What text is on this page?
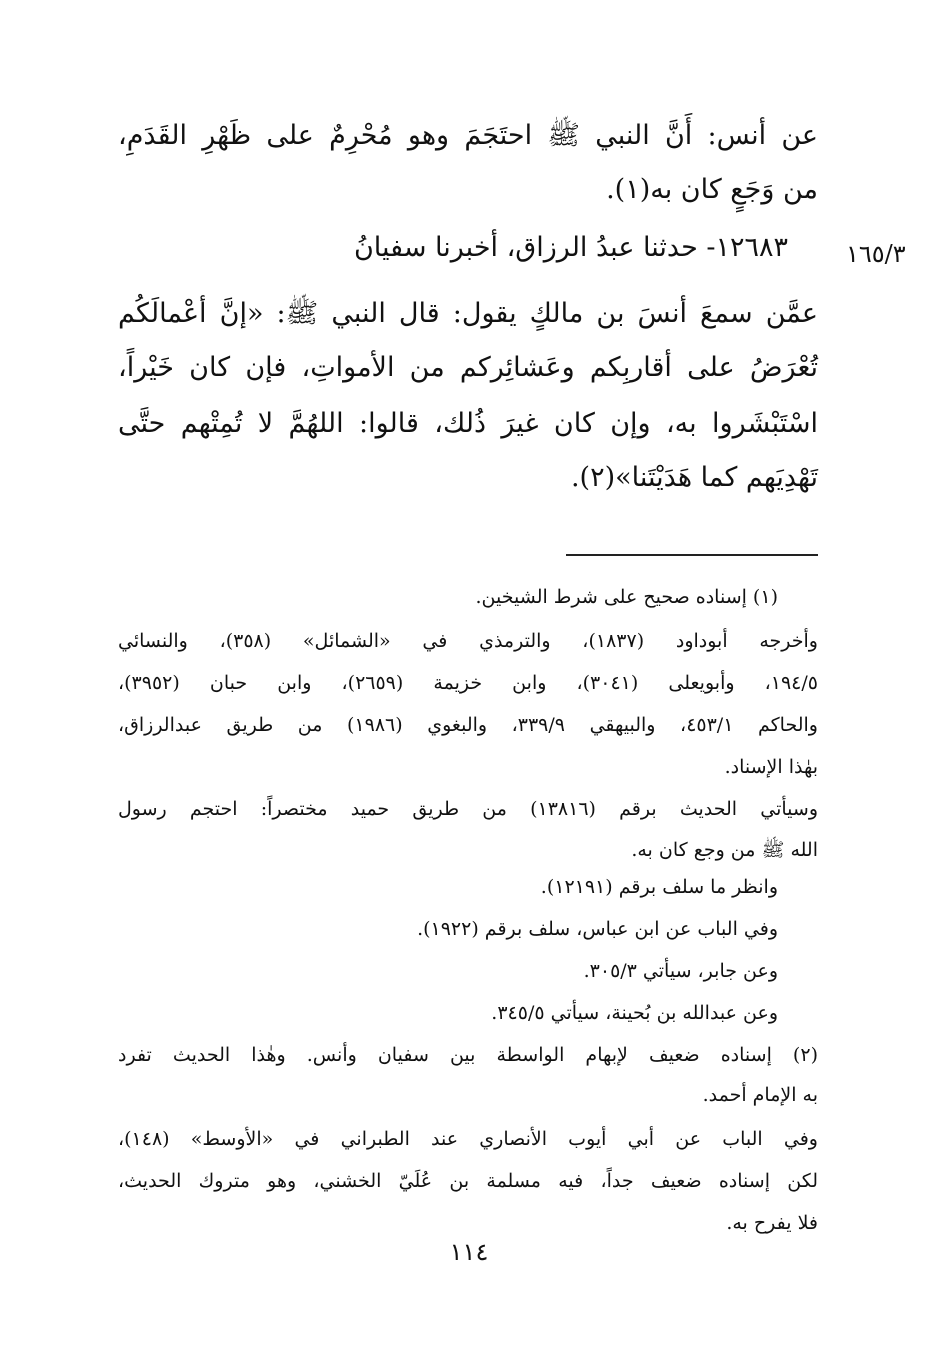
عن أنس: أَنَّ النبي ﷺ احتَجَمَ وهو مُحْرِمٌ على ظَهْرِ القَدَمِ،
من وَجَعٍ كان به(١).
١٦٥/٣
١٢٦٨٣- حدثنا عبدُ الرزاق، أخبرنا سفيانُ
عمَّن سمعَ أنسَ بن مالكٍ يقول: قال النبي ﷺ: «إنَّ أعْمالَكُم
تُعْرَضُ على أقاربِكم وعَشائِركم من الأمواتِ، فإن كان خَيْراً،
اسْتَبْشَروا به، وإن كان غيرَ ذُلك، قالوا: اللهُمَّ لا تُمِتْهم حتَّى
تَهْدِيَهم كما هَدَيْتَنا»(٢).
(١) إسناده صحيح على شرط الشيخين.
وأخرجه أبوداود (١٨٣٧)، والترمذي في «الشمائل» (٣٥٨)، والنسائي
١٩٤/٥، وأبويعلى (٣٠٤١)، وابن خزيمة (٢٦٥٩)، وابن حبان (٣٩٥٢)،
والحاكم ٤٥٣/١، والبيهقي ٣٣٩/٩، والبغوي (١٩٨٦) من طريق عبدالرزاق،
بهٰذا الإسناد.
وسيأتي الحديث برقم (١٣٨١٦) من طريق حميد مختصراً: احتجم رسول
الله ﷺ من وجع كان به.
وانظر ما سلف برقم (١٢١٩١).
وفي الباب عن ابن عباس، سلف برقم (١٩٢٢).
وعن جابر، سيأتي ٣٠٥/٣.
وعن عبدالله بن بُحينة، سيأتي ٣٤٥/٥.
(٢) إسناده ضعيف لإبهام الواسطة بين سفيان وأنس. وهٰذا الحديث تفرد
به الإمام أحمد.
وفي الباب عن أبي أيوب الأنصاري عند الطبراني في «الأوسط» (١٤٨)،
لكن إسناده ضعيف جداً، فيه مسلمة بن عُلَيّ الخشني، وهو متروك الحديث،
فلا يفرح به.
١١٤
